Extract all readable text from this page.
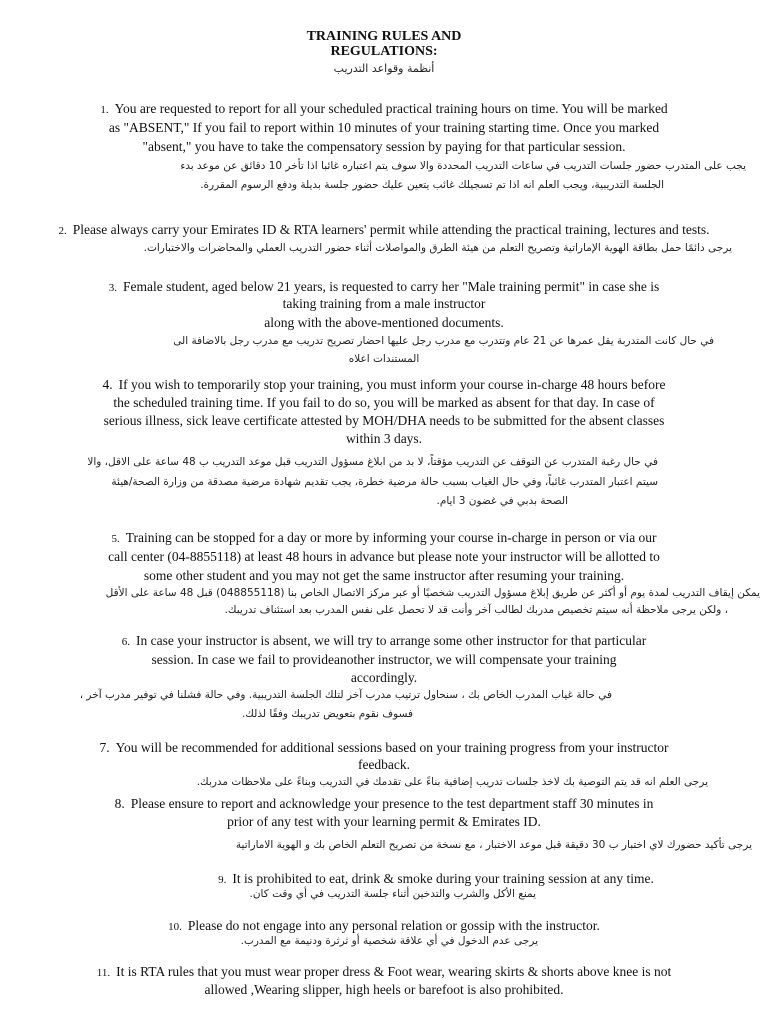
TRAINING RULES AND
REGULATIONS:
أنظمة وقواعد التدريب
1. You are requested to report for all your scheduled practical training hours on time. You will be marked
as "ABSENT," If you fail to report within 10 minutes of your training starting time. Once you marked
"absent," you have to take the compensatory session by paying for that particular session.
يجب على المتدرب حضور جلسات التدريب في ساعات التدريب المحددة والا سوف يتم اعتباره غائبا اذا تأخر 10 دقائق عن موعد بدء
الجلسة التدريبية، ويجب العلم انه اذا تم تسجيلك غائب يتعين عليك حضور جلسة بديلة ودفع الرسوم المقررة.
2. Please always carry your Emirates ID & RTA learners' permit while attending the practical training, lectures and tests.
يرجى دائمًا حمل بطاقة الهوية الإماراتية وتصريح التعلم من هيئة الطرق والمواصلات أثناء حضور التدريب العملي والمحاضرات والاختبارات.
3. Female student, aged below 21 years, is requested to carry her "Male training permit" in case she is
taking training from a male instructor
along with the above-mentioned documents.
في حال كانت المتدربة يقل عمرها عن 21 عام وتتدرب مع مدرب رجل عليها احضار تصريح تدريب مع مدرب رجل بالاضافة الى
المستندات اعلاه
4. If you wish to temporarily stop your training, you must inform your course in-charge 48 hours before
the scheduled training time. If you fail to do so, you will be marked as absent for that day. In case of
serious illness, sick leave certificate attested by MOH/DHA needs to be submitted for the absent classes
within 3 days.
في حال رغبة المتدرب عن التوقف عن التدريب مؤقتاً، لا بد من ابلاغ مسؤول التدريب قبل موعد التدريب ب 48 ساعة على الاقل، والا
سيتم اعتبار المتدرب غائباً، وفي حال الغياب بسبب حالة مرضية خطرة، يجب تقديم شهادة مرضية مصدقة من وزارة الصحة/هيئة
الصحة بدبي في غضون 3 ايام.
5. Training can be stopped for a day or more by informing your course in-charge in person or via our
call center (04-8855118) at least 48 hours in advance but please note your instructor will be allotted to
some other student and you may not get the same instructor after resuming your training.
يمكن إيقاف التدريب لمدة يوم أو أكثر عن طريق إبلاغ مسؤول التدريب شخصيًا أو عبر مركز الاتصال الخاص بنا (048855118) قبل 48 ساعة على الأقل
، ولكن يرجى ملاحظة أنه سيتم تخصيص مدربك لطالب آخر وأنت قد لا تحصل على نفس المدرب بعد استئناف تدريبك.
6. In case your instructor is absent, we will try to arrange some other instructor for that particular
session. In case we fail to provideanother instructor, we will compensate your training
accordingly.
في حالة غياب المدرب الخاص بك ، سنحاول ترتيب مدرب آخر لتلك الجلسة التدريبية. وفي حالة فشلنا في توفير مدرب آخر ،
فسوف نقوم بتعويض تدريبك وفقًا لذلك.
7. You will be recommended for additional sessions based on your training progress from your instructor
feedback.
يرجى العلم انه قد يتم التوصية بك لاخذ جلسات تدريب إضافية بناءً على تقدمك في التدريب وبناءً على ملاحظات مدربك.
8. Please ensure to report and acknowledge your presence to the test department staff 30 minutes in
prior of any test with your learning permit & Emirates ID.
يرجى تأكيد حضورك لاي اختبار ب 30 دقيقة قبل موعد الاختبار ، مع نسخة من تصريح التعلم الخاص بك و الهوية الاماراتية
9. It is prohibited to eat, drink & smoke during your training session at any time.
يمنع الأكل والشرب والتدخين أثناء جلسة التدريب في أي وقت كان.
10. Please do not engage into any personal relation or gossip with the instructor.
يرجى عدم الدخول في أي علاقة شخصية أو ثرثرة ودنيمة مع المدرب.
11. It is RTA rules that you must wear proper dress & Foot wear, wearing skirts & shorts above knee is not
allowed ,Wearing slipper, high heels or barefoot is also prohibited.
